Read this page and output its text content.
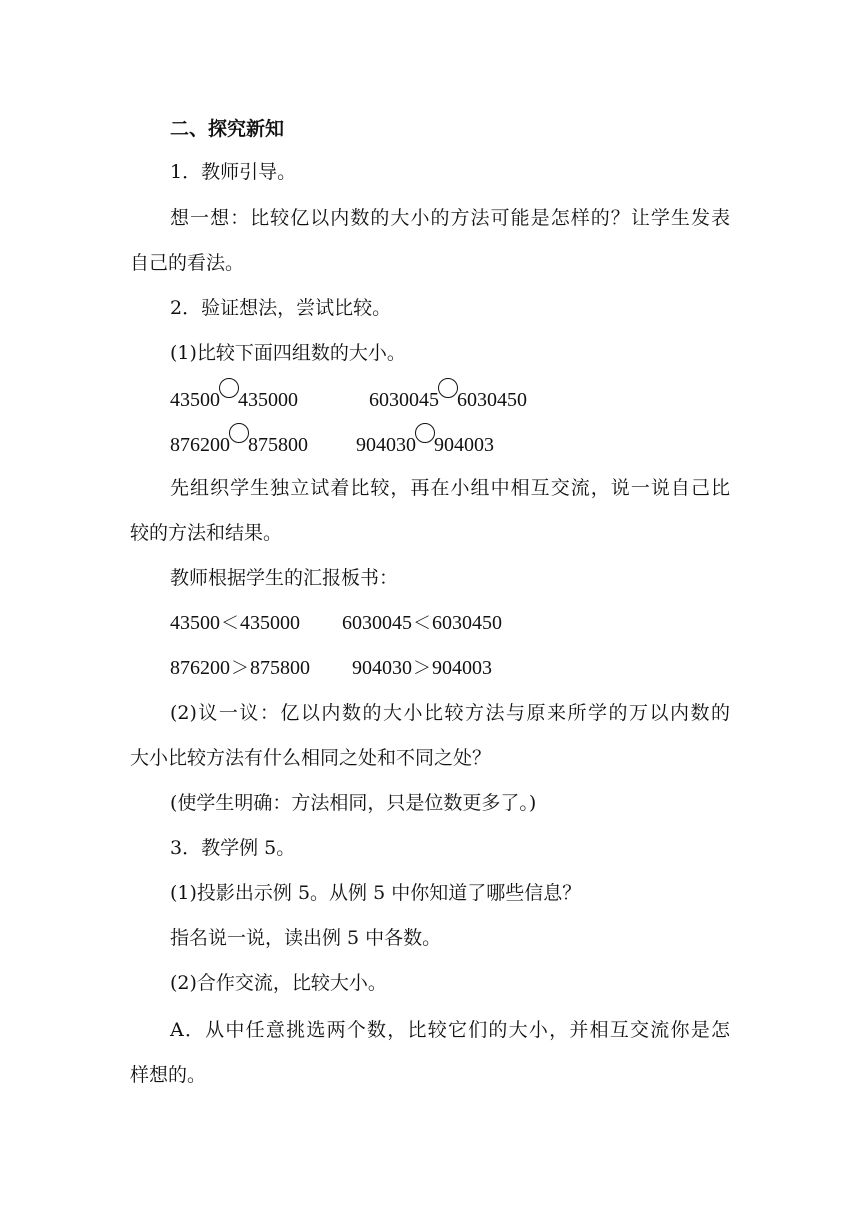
二、探究新知
1．教师引导。
想一想：比较亿以内数的大小的方法可能是怎样的？让学生发表
自己的看法。
2．验证想法，尝试比较。
(1)比较下面四组数的大小。
43500 435000	6030045 6030450
876200 875800 904030 904003
先组织学生独立试着比较，再在小组中相互交流，说一说自己比
较的方法和结果。
教师根据学生的汇报板书：
43500＜435000 6030045＜6030450
876200＞875800 904030＞904003
(2)议一议：亿以内数的大小比较方法与原来所学的万以内数的
大小比较方法有什么相同之处和不同之处？
(使学生明确：方法相同，只是位数更多了。)
3．教学例 5。
(1)投影出示例 5。从例 5 中你知道了哪些信息？
指名说一说，读出例 5 中各数。
(2)合作交流，比较大小。
A．从中任意挑选两个数，比较它们的大小，并相互交流你是怎
样想的。
